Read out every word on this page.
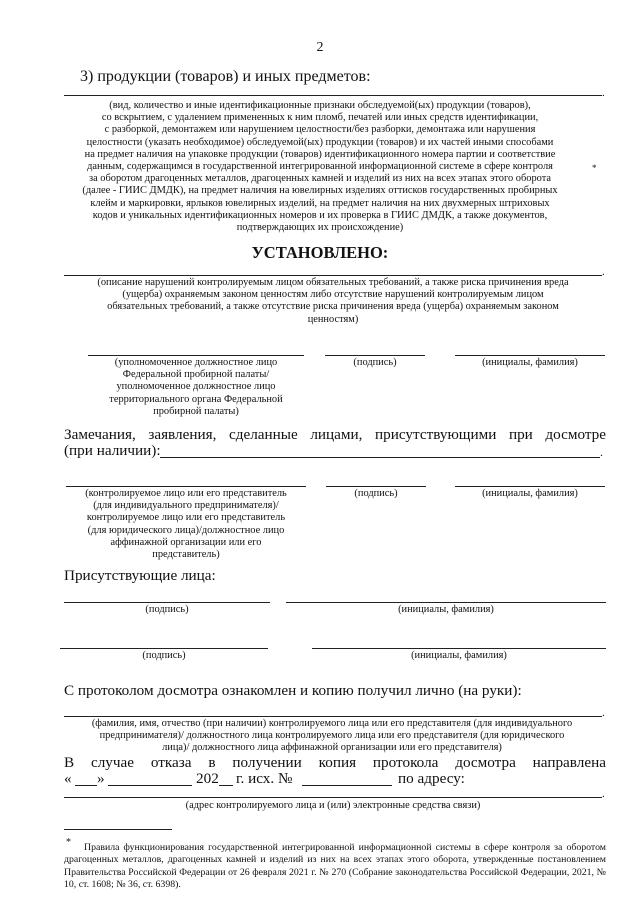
2
3) продукции (товаров) и иных предметов:
.
(вид, количество и иные идентификационные признаки обследуемой(ых) продукции (товаров),
со вскрытием, с удалением примененных к ним пломб, печатей или иных средств идентификации,
с разборкой, демонтажем или нарушением целостности/без разборки, демонтажа или нарушения
целостности (указать необходимое) обследуемой(ых) продукции (товаров) и их частей иными способами
на предмет наличия на упаковке продукции (товаров) идентификационного номера партии и соответствие
данным, содержащимся в государственной интегрированной информационной системе в сфере контроля
за оборотом драгоценных металлов, драгоценных камней и изделий из них на всех этапах этого оборота
(далее - ГИИС ДМДК), на предмет наличия на ювелирных изделиях оттисков государственных пробирных
клейм и маркировки, ярлыков ювелирных изделий, на предмет наличия на них двухмерных штриховых
кодов и уникальных идентификационных номеров и их проверка в ГИИС ДМДК, а также документов,
подтверждающих их происхождение)
*
УСТАНОВЛЕНО:
.
(описание нарушений контролируемым лицом обязательных требований, а также риска причинения вреда
(ущерба) охраняемым законом ценностям либо отсутствие нарушений контролируемым лицом
обязательных требований, а также отсутствие риска причинения вреда (ущерба) охраняемым законом
ценностям)
(уполномоченное должностное лицо
Федеральной пробирной палаты/
уполномоченное должностное лицо
территориального органа Федеральной
пробирной палаты)
(подпись)	(инициалы, фамилия)
Замечания, заявления, сделанные лицами, присутствующими при досмотре
(при наличии):	.
(контролируемое лицо или его представитель
(для индивидуального предпринимателя)/
контролируемое лицо или его представитель
(для юридического лица)/должностное лицо
аффинажной организации или его
представитель)
(подпись)	(инициалы, фамилия)
Присутствующие лица:
(подпись)	(инициалы, фамилия)
(подпись)	(инициалы, фамилия)
С протоколом досмотра ознакомлен и копию получил лично (на руки):
.
(фамилия, имя, отчество (при наличии) контролируемого лица или его представителя (для индивидуального
предпринимателя)/ должностного лица контролируемого лица или его представителя (для юридического
лица)/ должностного лица аффинажной организации или его представителя)
В случае отказа в получении копия протокола досмотра направлена
« »	202 г. исх. №	по адресу:
.
(адрес контролируемого лица и (или) электронные средства связи)
*	Правила функционирования государственной интегрированной информационной системы в сфере контроля за оборотом драгоценных металлов, драгоценных камней и изделий из них на всех этапах этого оборота, утвержденные постановлением Правительства Российской Федерации от 26 февраля 2021 г. № 270 (Собрание законодательства Российской Федерации, 2021, № 10, ст. 1608; № 36, ст. 6398).
